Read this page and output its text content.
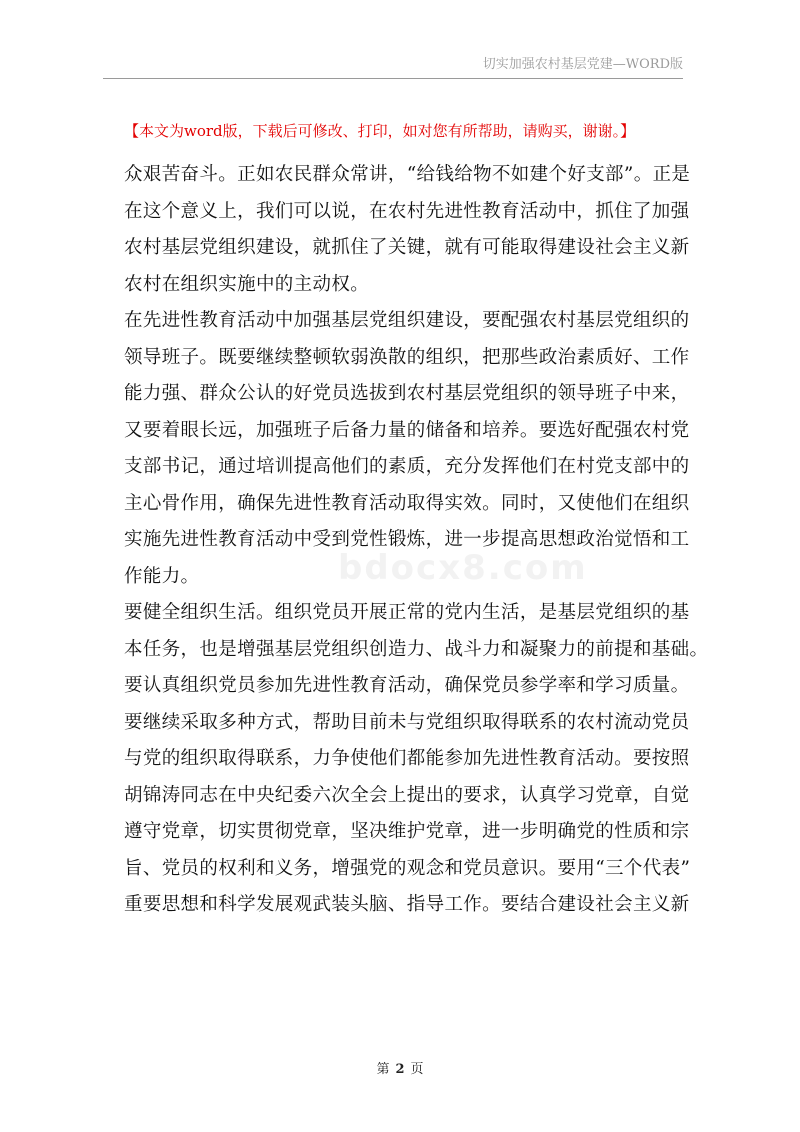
切实加强农村基层党建—WORD版
【本文为word版，下载后可修改、打印，如对您有所帮助，请购买，谢谢。】
众艰苦奋斗。正如农民群众常讲，“给钱给物不如建个好支部”。正是
在这个意义上，我们可以说，在农村先进性教育活动中，抓住了加强
农村基层党组织建设，就抓住了关键，就有可能取得建设社会主义新
农村在组织实施中的主动权。
在先进性教育活动中加强基层党组织建设，要配强农村基层党组织的
领导班子。既要继续整顿软弱涣散的组织，把那些政治素质好、工作
能力强、群众公认的好党员选拔到农村基层党组织的领导班子中来，
又要着眼长远，加强班子后备力量的储备和培养。要选好配强农村党
支部书记，通过培训提高他们的素质，充分发挥他们在村党支部中的
主心骨作用，确保先进性教育活动取得实效。同时，又使他们在组织
实施先进性教育活动中受到党性锻炼，进一步提高思想政治觉悟和工
作能力。
要健全组织生活。组织党员开展正常的党内生活，是基层党组织的基
本任务，也是增强基层党组织创造力、战斗力和凝聚力的前提和基础。
要认真组织党员参加先进性教育活动，确保党员参学率和学习质量。
要继续采取多种方式，帮助目前未与党组织取得联系的农村流动党员
与党的组织取得联系，力争使他们都能参加先进性教育活动。要按照
胡锦涛同志在中央纪委六次全会上提出的要求，认真学习党章，自觉
遵守党章，切实贯彻党章，坚决维护党章，进一步明确党的性质和宗
旨、党员的权利和义务，增强党的观念和党员意识。要用“三个代表”
重要思想和科学发展观武装头脑、指导工作。要结合建设社会主义新
bdocx8.com
第 2 页
